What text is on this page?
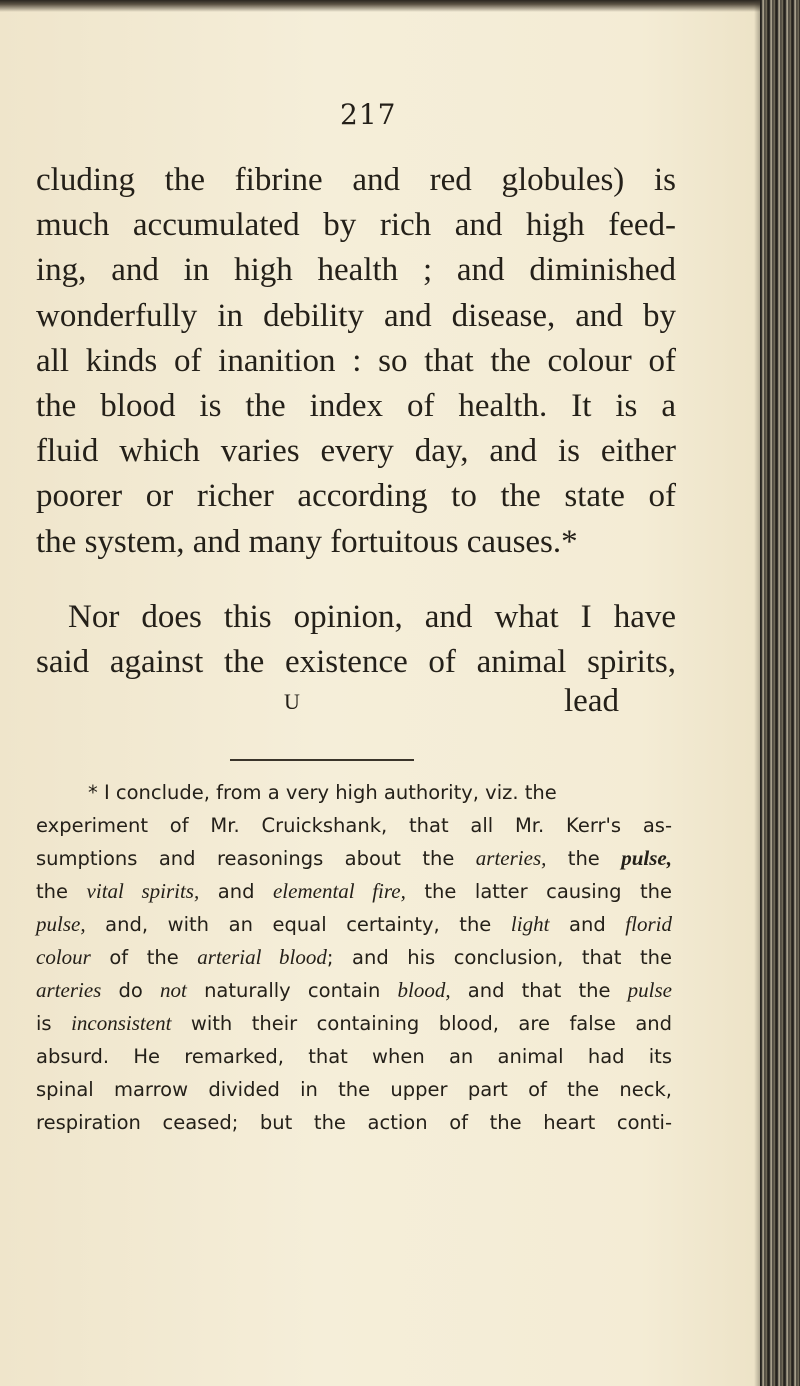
217
cluding the fibrine and red globules) is
much accumulated by rich and high feed-
ing, and in high health ; and diminished
wonderfully in debility and disease, and by
all kinds of inanition : so that the colour of
the blood is the index of health. It is a
fluid which varies every day, and is either
poorer or richer according to the state of
the system, and many fortuitous causes.*
Nor does this opinion, and what I have
said against the existence of animal spirits,
U	lead
* I conclude, from a very high authority, viz. the
experiment of Mr. Cruickshank, that all Mr. Kerr's as-
sumptions and reasonings about the arteries, the pulse,
the vital spirits, and elemental fire, the latter causing the
pulse, and, with an equal certainty, the light and florid
colour of the arterial blood; and his conclusion, that the
arteries do not naturally contain blood, and that the pulse
is inconsistent with their containing blood, are false and
absurd. He remarked, that when an animal had its
spinal marrow divided in the upper part of the neck,
respiration ceased; but the action of the heart conti-
